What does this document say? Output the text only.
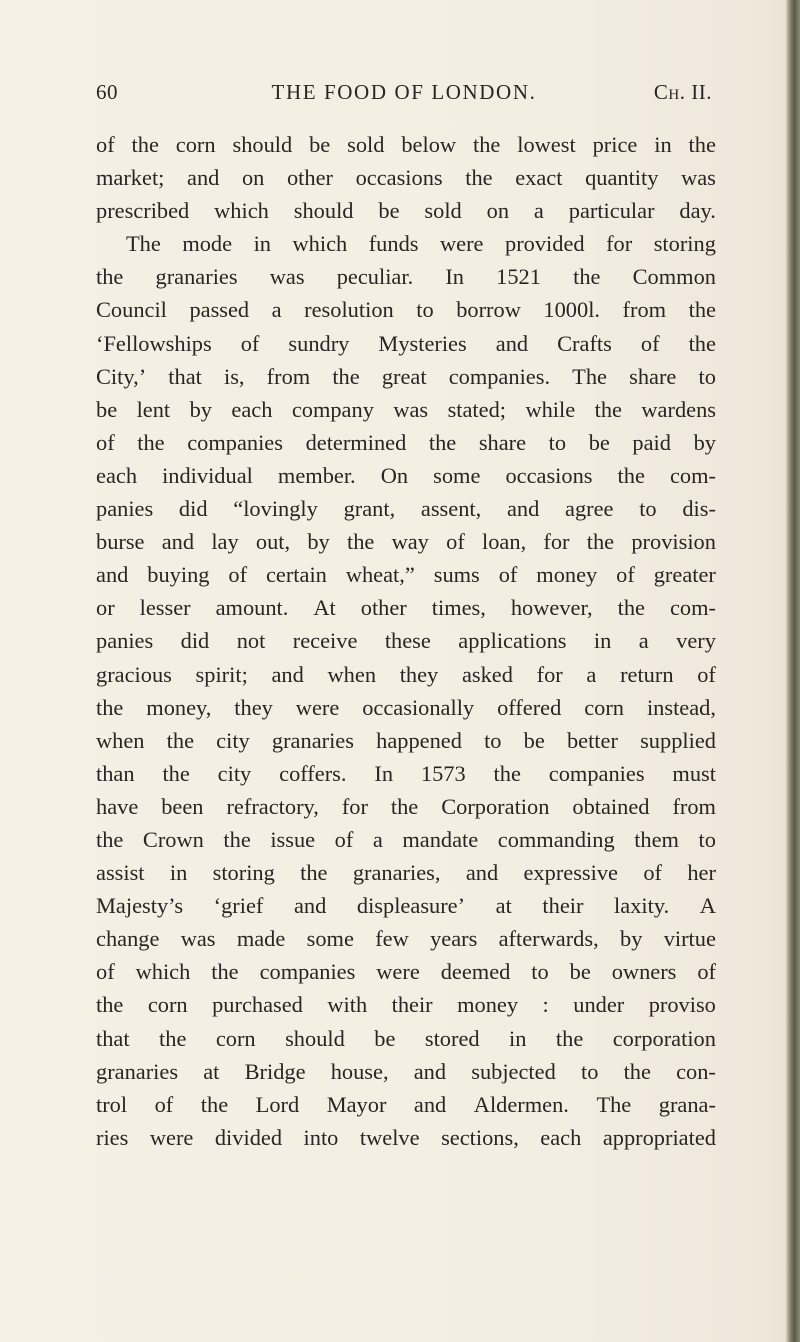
60	THE FOOD OF LONDON.	Ch. II.
of the corn should be sold below the lowest price in the
market; and on other occasions the exact quantity was
prescribed which should be sold on a particular day.
The mode in which funds were provided for storing
the granaries was peculiar. In 1521 the Common
Council passed a resolution to borrow 1000l. from the
‘Fellowships of sundry Mysteries and Crafts of the
City,’ that is, from the great companies. The share to
be lent by each company was stated; while the wardens
of the companies determined the share to be paid by
each individual member. On some occasions the com-
panies did “lovingly grant, assent, and agree to dis-
burse and lay out, by the way of loan, for the provision
and buying of certain wheat,” sums of money of greater
or lesser amount. At other times, however, the com-
panies did not receive these applications in a very
gracious spirit; and when they asked for a return of
the money, they were occasionally offered corn instead,
when the city granaries happened to be better supplied
than the city coffers. In 1573 the companies must
have been refractory, for the Corporation obtained from
the Crown the issue of a mandate commanding them to
assist in storing the granaries, and expressive of her
Majesty’s ‘grief and displeasure’ at their laxity. A
change was made some few years afterwards, by virtue
of which the companies were deemed to be owners of
the corn purchased with their money : under proviso
that the corn should be stored in the corporation
granaries at Bridge house, and subjected to the con-
trol of the Lord Mayor and Aldermen. The grana-
ries were divided into twelve sections, each appropriated
